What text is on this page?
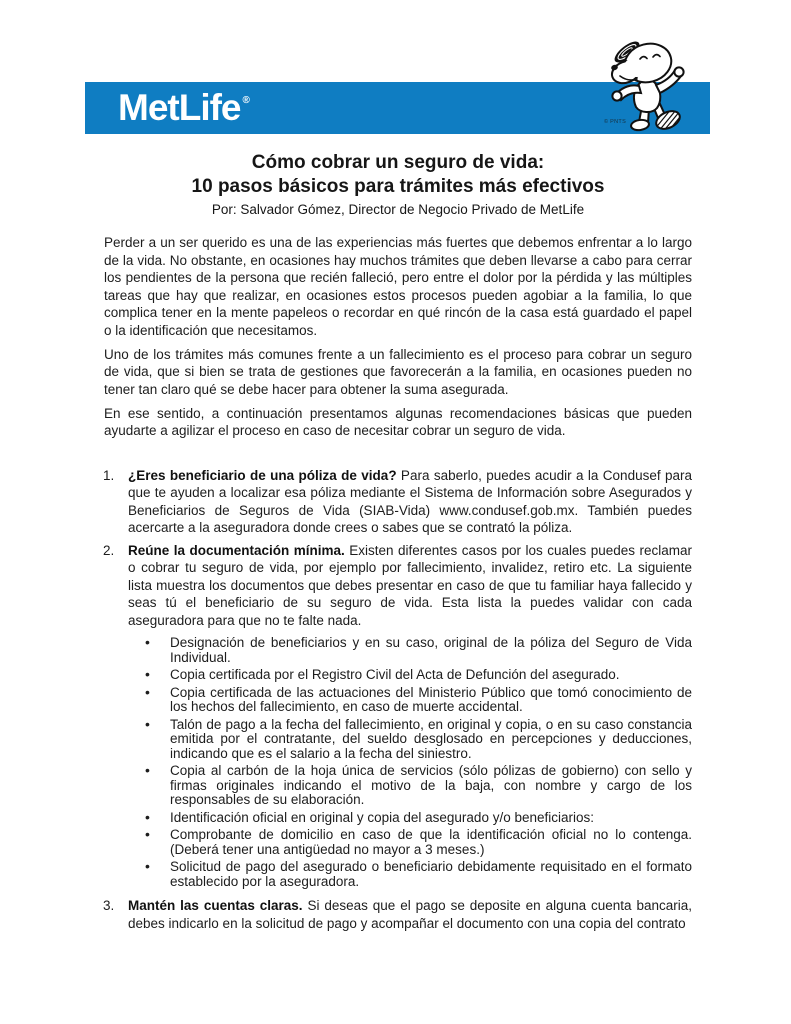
MetLife ®
© PNTS
Cómo cobrar un seguro de vida:
10 pasos básicos para trámites más efectivos
Por: Salvador Gómez, Director de Negocio Privado de MetLife

Perder a un ser querido es una de las experiencias más fuertes que debemos enfrentar a lo largo de la vida. No obstante, en ocasiones hay muchos trámites que deben llevarse a cabo para cerrar los pendientes de la persona que recién falleció, pero entre el dolor por la pérdida y las múltiples tareas que hay que realizar, en ocasiones estos procesos pueden agobiar a la familia, lo que complica tener en la mente papeleos o recordar en qué rincón de la casa está guardado el papel o la identificación que necesitamos.

Uno de los trámites más comunes frente a un fallecimiento es el proceso para cobrar un seguro de vida, que si bien se trata de gestiones que favorecerán a la familia, en ocasiones pueden no tener tan claro qué se debe hacer para obtener la suma asegurada.

En ese sentido, a continuación presentamos algunas recomendaciones básicas que pueden ayudarte a agilizar el proceso en caso de necesitar cobrar un seguro de vida.

1. ¿Eres beneficiario de una póliza de vida? Para saberlo, puedes acudir a la Condusef para que te ayuden a localizar esa póliza mediante el Sistema de Información sobre Asegurados y Beneficiarios de Seguros de Vida (SIAB-Vida) www.condusef.gob.mx. También puedes acercarte a la aseguradora donde crees o sabes que se contrató la póliza.
2. Reúne la documentación mínima. Existen diferentes casos por los cuales puedes reclamar o cobrar tu seguro de vida, por ejemplo por fallecimiento, invalidez, retiro etc. La siguiente lista muestra los documentos que debes presentar en caso de que tu familiar haya fallecido y seas tú el beneficiario de su seguro de vida. Esta lista la puedes validar con cada aseguradora para que no te falte nada.
• Designación de beneficiarios y en su caso, original de la póliza del Seguro de Vida Individual.
• Copia certificada por el Registro Civil del Acta de Defunción del asegurado.
• Copia certificada de las actuaciones del Ministerio Público que tomó conocimiento de los hechos del fallecimiento, en caso de muerte accidental.
• Talón de pago a la fecha del fallecimiento, en original y copia, o en su caso constancia emitida por el contratante, del sueldo desglosado en percepciones y deducciones, indicando que es el salario a la fecha del siniestro.
• Copia al carbón de la hoja única de servicios (sólo pólizas de gobierno) con sello y firmas originales indicando el motivo de la baja, con nombre y cargo de los responsables de su elaboración.
• Identificación oficial en original y copia del asegurado y/o beneficiarios:
• Comprobante de domicilio en caso de que la identificación oficial no lo contenga. (Deberá tener una antigüedad no mayor a 3 meses.)
• Solicitud de pago del asegurado o beneficiario debidamente requisitado en el formato establecido por la aseguradora.
3. Mantén las cuentas claras. Si deseas que el pago se deposite en alguna cuenta bancaria, debes indicarlo en la solicitud de pago y acompañar el documento con una copia del contrato
